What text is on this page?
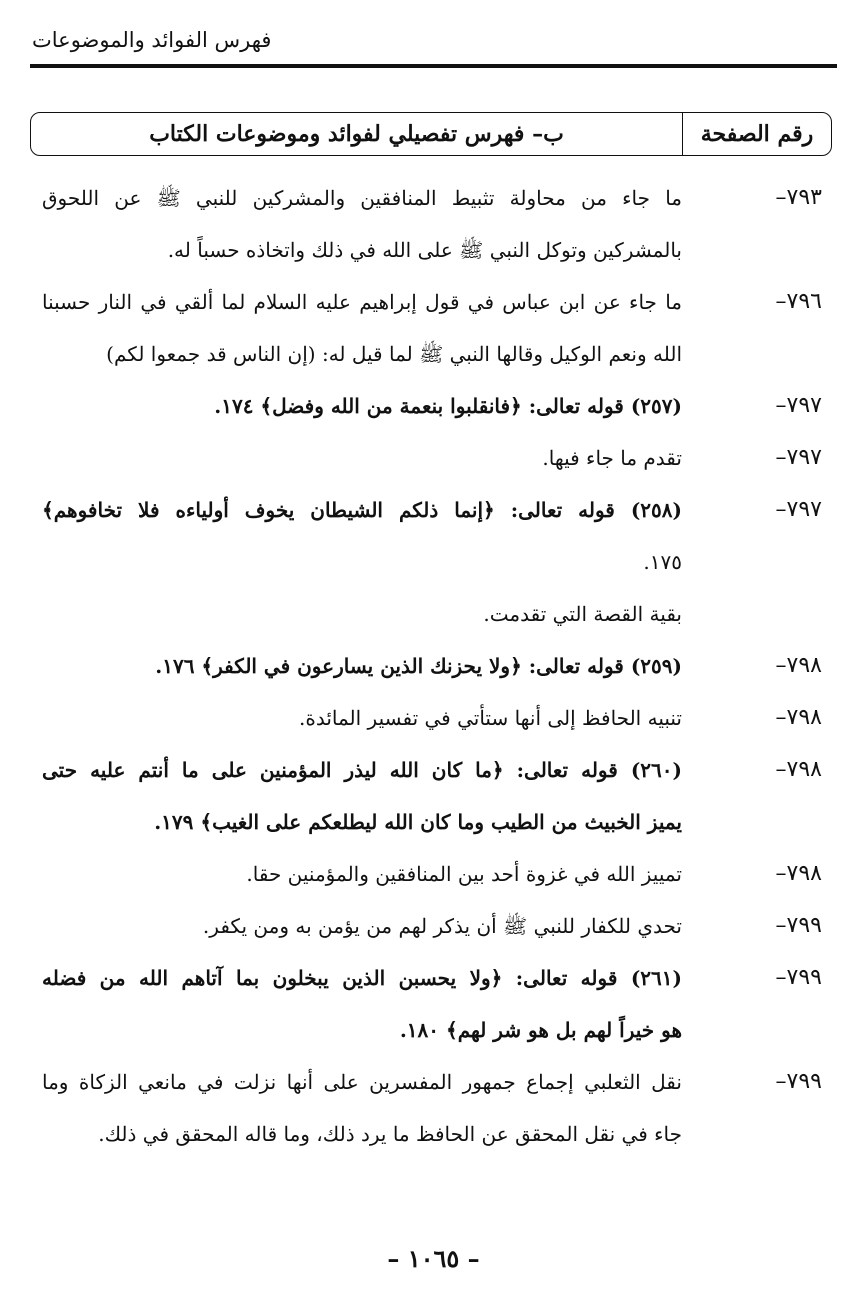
فهرس الفوائد والموضوعات
رقم الصفحة
ب– فهرس تفصيلي لفوائد وموضوعات الكتاب
٧٩٣–
ما جاء من محاولة تثبيط المنافقين والمشركين للنبي ﷺ عن اللحوق
بالمشركين وتوكل النبي ﷺ على الله في ذلك واتخاذه حسباً له.
٧٩٦–
ما جاء عن ابن عباس في قول إبراهيم عليه السلام لما ألقي في النار حسبنا
الله ونعم الوكيل وقالها النبي ﷺ لما قيل له: (إن الناس قد جمعوا لكم)
٧٩٧–
(٢٥٧) قوله تعالى: ﴿فانقلبوا بنعمة من الله وفضل﴾ ١٧٤.
٧٩٧–
تقدم ما جاء فيها.
٧٩٧–
(٢٥٨) قوله تعالى: ﴿إنما ذلكم الشيطان يخوف أولياءه فلا تخافوهم﴾
١٧٥.
بقية القصة التي تقدمت.
٧٩٨–
(٢٥٩) قوله تعالى: ﴿ولا يحزنك الذين يسارعون في الكفر﴾ ١٧٦.
٧٩٨–
تنبيه الحافظ إلى أنها ستأتي في تفسير المائدة.
٧٩٨–
(٢٦٠) قوله تعالى: ﴿ما كان الله ليذر المؤمنين على ما أنتم عليه حتى
يميز الخبيث من الطيب وما كان الله ليطلعكم على الغيب﴾ ١٧٩.
٧٩٨–
تمييز الله في غزوة أحد بين المنافقين والمؤمنين حقا.
٧٩٩–
تحدي للكفار للنبي ﷺ أن يذكر لهم من يؤمن به ومن يكفر.
٧٩٩–
(٢٦١) قوله تعالى: ﴿ولا يحسبن الذين يبخلون بما آتاهم الله من فضله
هو خيراً لهم بل هو شر لهم﴾ ١٨٠.
٧٩٩–
نقل الثعلبي إجماع جمهور المفسرين على أنها نزلت في مانعي الزكاة وما
جاء في نقل المحقق عن الحافظ ما يرد ذلك، وما قاله المحقق في ذلك.
– ١٠٦٥ –
